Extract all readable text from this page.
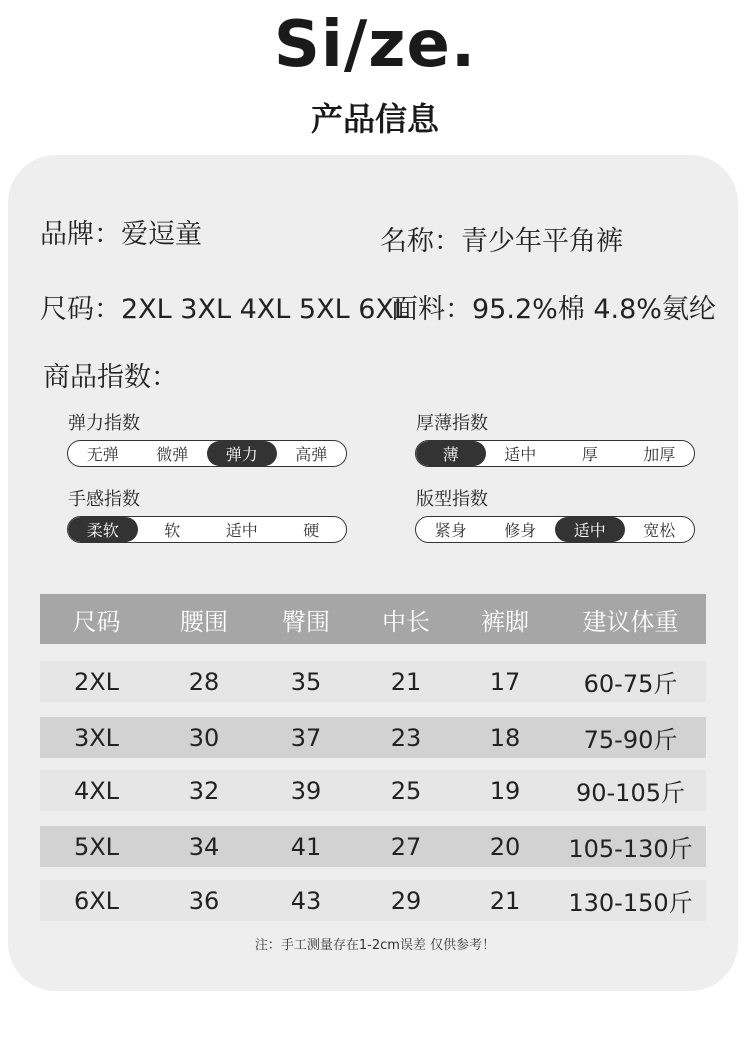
Si/ze.
产品信息
品牌：爱逗童	名称：青少年平角裤
尺码：2XL 3XL 4XL 5XL 6XL
面料：95.2%棉 4.8%氨纶
商品指数：
弹力指数
无弹	微弹	弹力	高弹
厚薄指数
薄	适中	厚	加厚
手感指数
柔软	软	适中	硬
版型指数
紧身	修身	适中	宽松
尺码	腰围	臀围	中长	裤脚	建议体重
2XL	28	35	21	17	60-75斤
3XL	30	37	23	18	75-90斤
4XL	32	39	25	19	90-105斤
5XL	34	41	27	20	105-130斤
6XL	36	43	29	21	130-150斤
注：手工测量存在1-2cm误差 仅供参考！
